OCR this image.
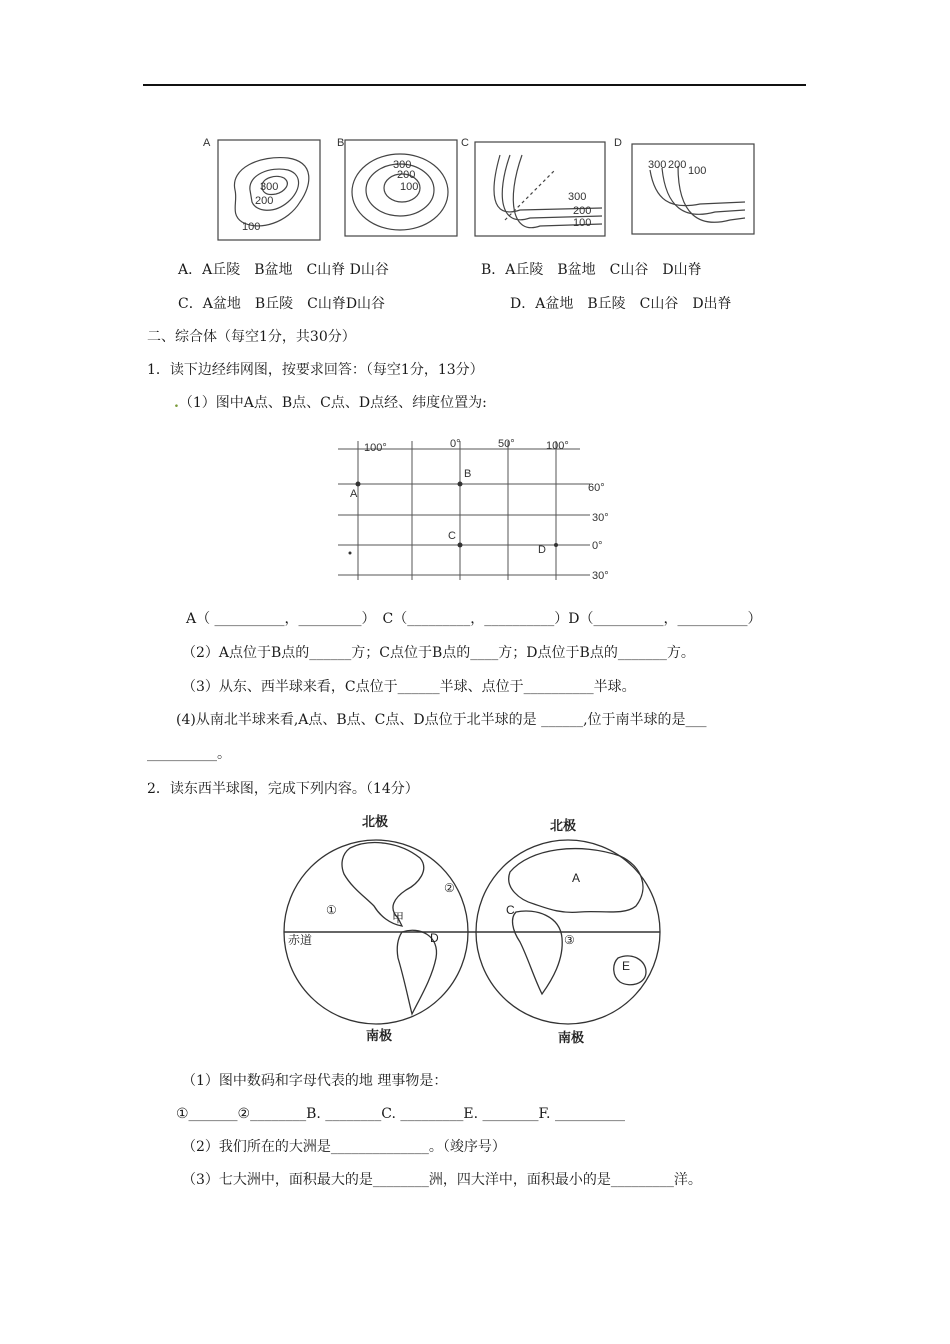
A	B	C	D
300
200
100
300
200
100
300
200
100
300 200 100
A．A丘陵　B盆地　C山脊 D山谷	B．A丘陵　B盆地　C山谷　D山脊
C．A盆地　B丘陵　C山脊D山谷	D．A盆地　B丘陵　C山谷　D出脊
二、综合体（每空1分，共30分）
1．读下边经纬网图，按要求回答：（每空1分，13分）
.（1）图中A点、B点、C点、D点经、纬度位置为:
100°	0°	50°	100°
60°
30°
0°
30°
A
B
C
D
A（ __________，_________）　C（_________，__________）D（__________，__________）
（2）A点位于B点的______方；C点位于B点的____方；D点位于B点的_______方。
（3）从东、西半球来看，C点位于______半球、点位于__________半球。
(4)从南北半球来看,A点、B点、C点、D点位于北半球的是 ______,位于南半球的是___
__________。
2．读东西半球图，完成下列内容。（14分）
北极	北极
南极	南极
赤道
①
②
甲
D
A
C
③
E
（1）图中数码和字母代表的地 理事物是：
①_______②________B. ________C. _________E. ________F. __________
（2）我们所在的大洲是______________。（竣序号）
（3）七大洲中，面积最大的是________洲，四大洋中，面积最小的是_________洋。
